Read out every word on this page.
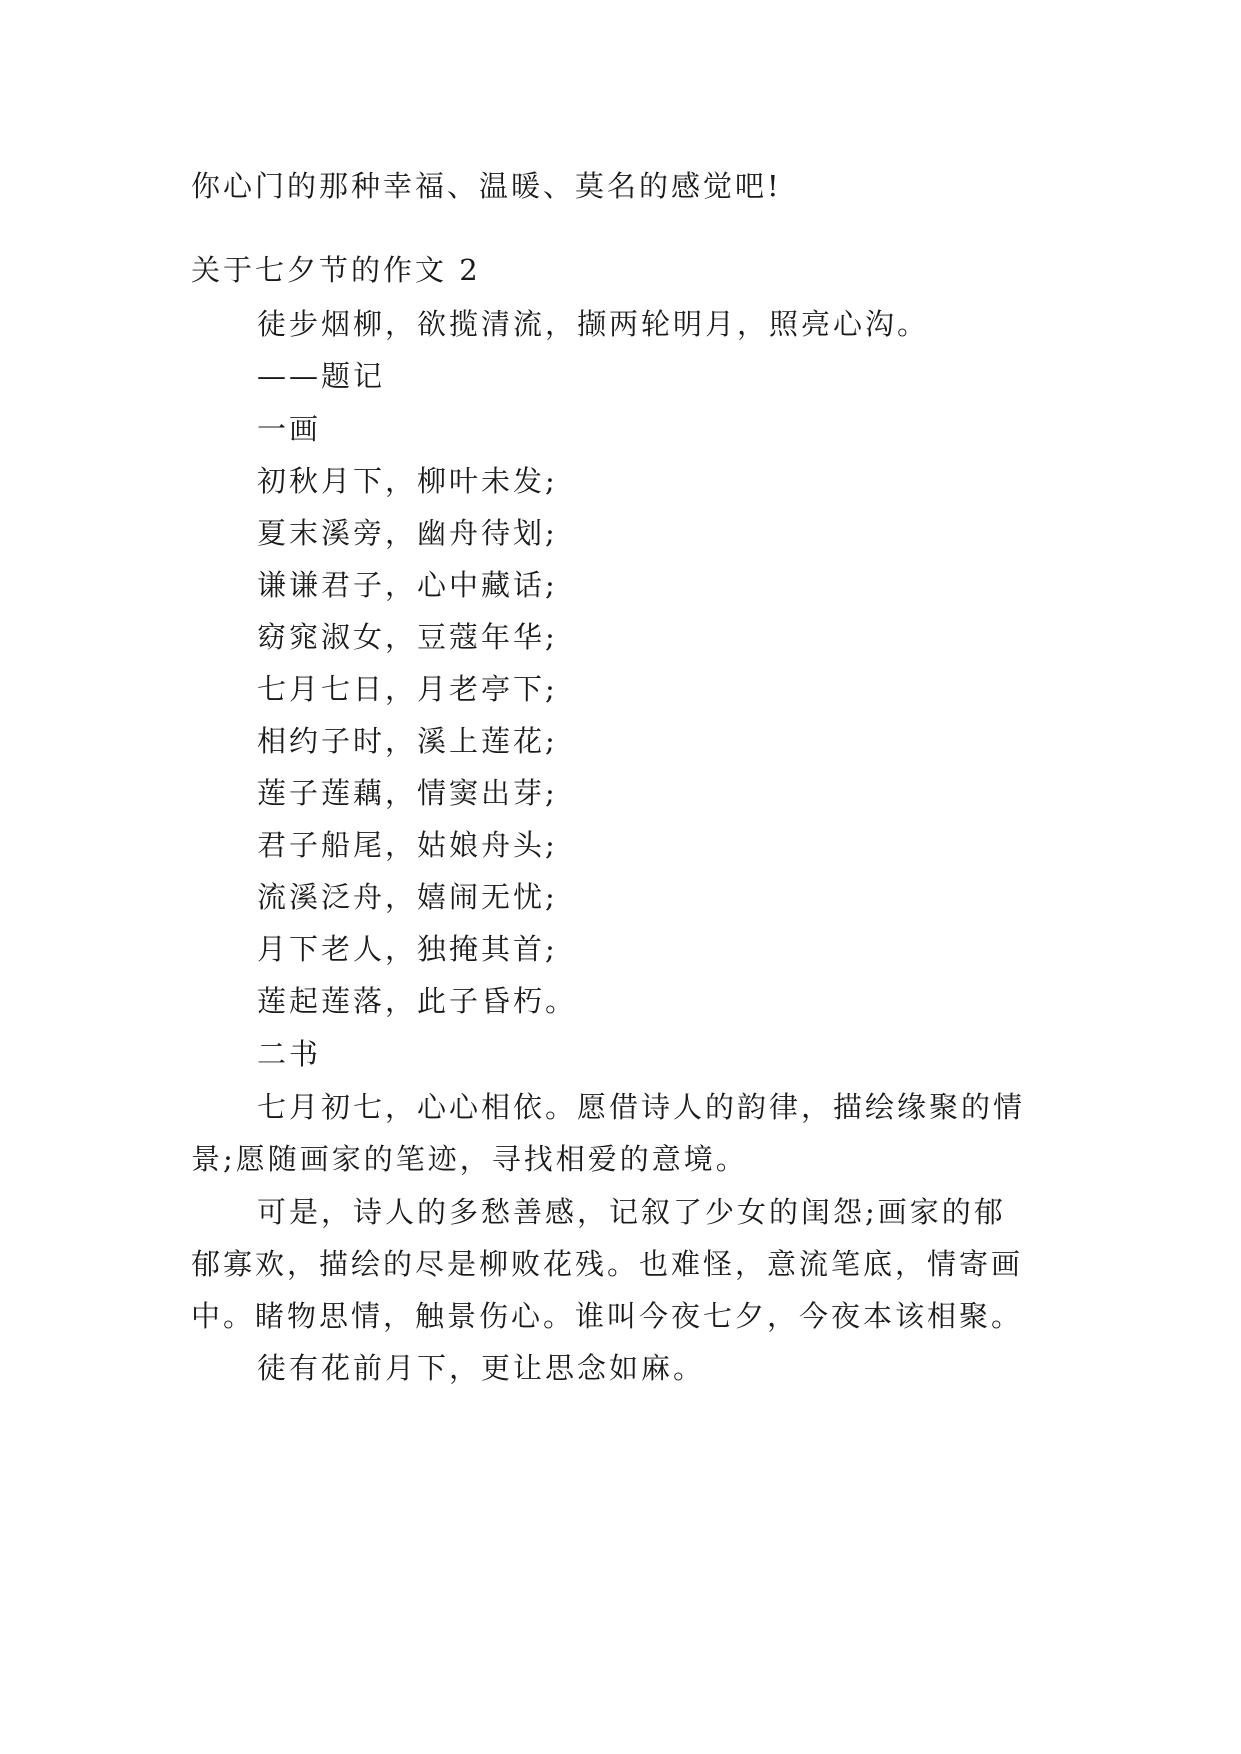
你心门的那种幸福、温暖、莫名的感觉吧!
关于七夕节的作文 2
徒步烟柳，欲揽清流，撷两轮明月，照亮心沟。
——题记
一画
初秋月下，柳叶未发;
夏末溪旁，幽舟待划;
谦谦君子，心中藏话;
窈窕淑女，豆蔻年华;
七月七日，月老亭下;
相约子时，溪上莲花;
莲子莲藕，情窦出芽;
君子船尾，姑娘舟头;
流溪泛舟，嬉闹无忧;
月下老人，独掩其首;
莲起莲落，此子昏朽。
二书
七月初七，心心相依。愿借诗人的韵律，描绘缘聚的情
景;愿随画家的笔迹，寻找相爱的意境。
可是，诗人的多愁善感，记叙了少女的闺怨;画家的郁
郁寡欢，描绘的尽是柳败花残。也难怪，意流笔底，情寄画
中。睹物思情，触景伤心。谁叫今夜七夕，今夜本该相聚。
徒有花前月下，更让思念如麻。
